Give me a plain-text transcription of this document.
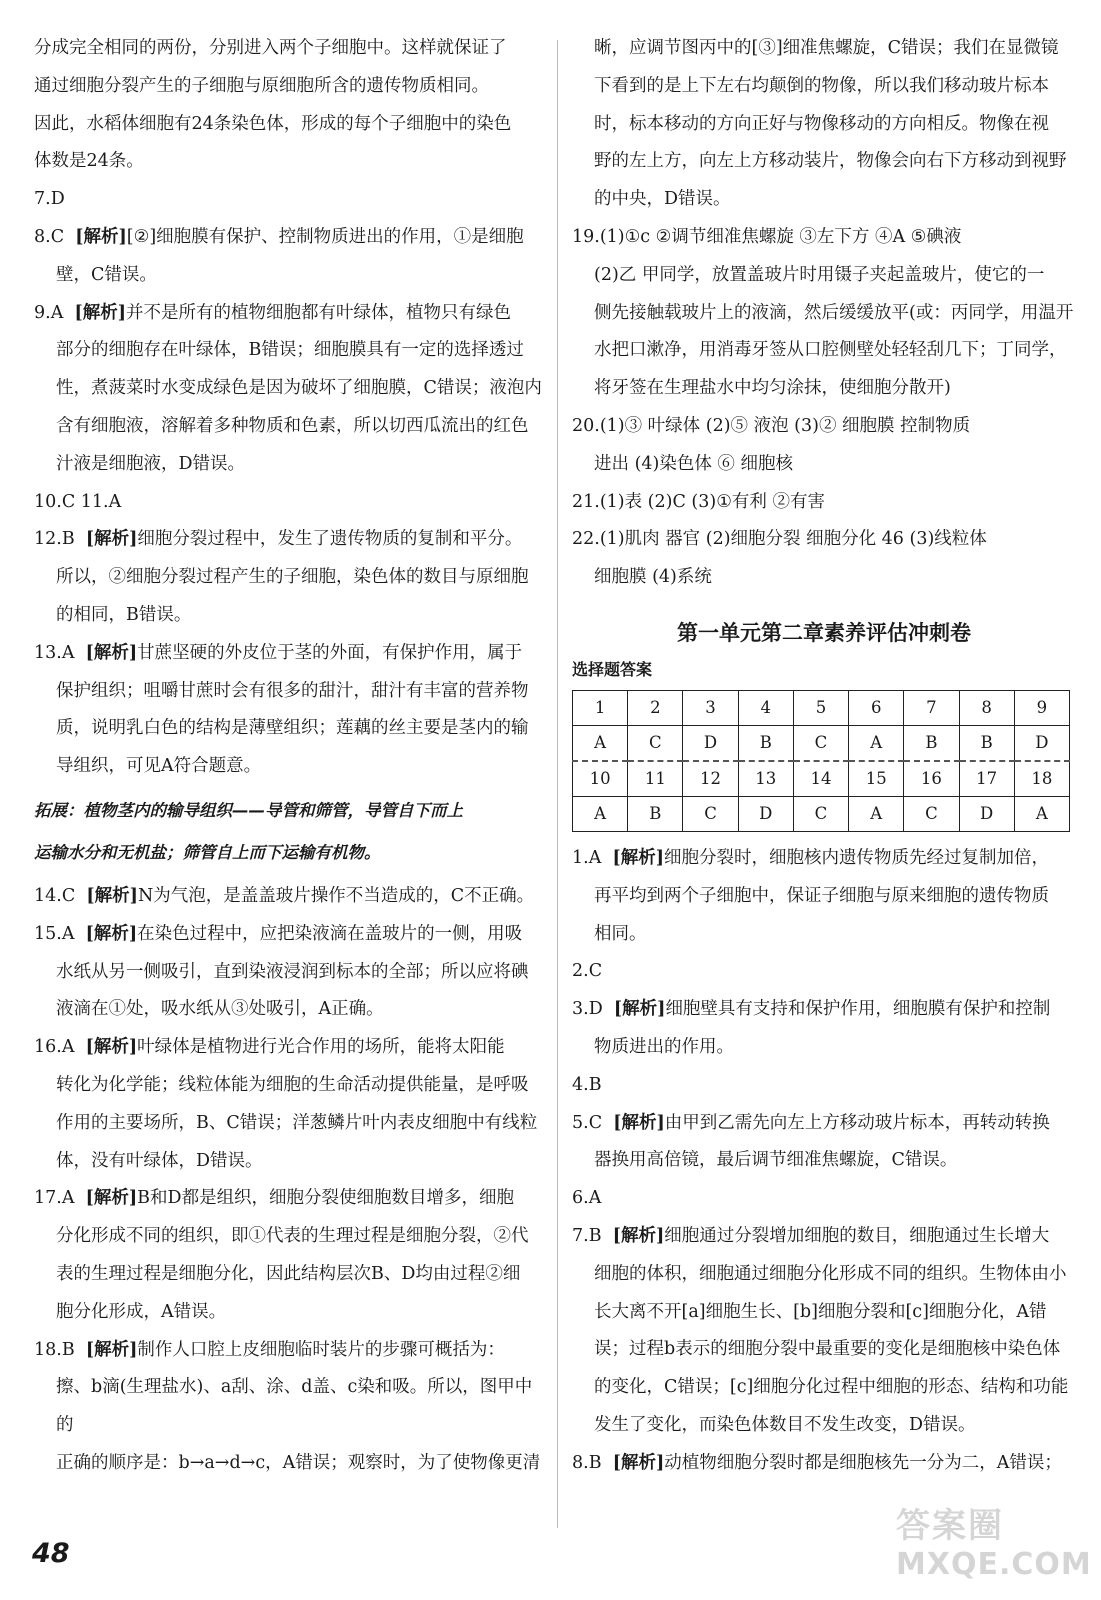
分成完全相同的两份，分别进入两个子细胞中。这样就保证了
通过细胞分裂产生的子细胞与原细胞所含的遗传物质相同。
因此，水稻体细胞有24条染色体，形成的每个子细胞中的染色
体数是24条。
7.D
8.C [解析][②]细胞膜有保护、控制物质进出的作用，①是细胞
壁，C错误。
9.A [解析]并不是所有的植物细胞都有叶绿体，植物只有绿色
部分的细胞存在叶绿体，B错误；细胞膜具有一定的选择透过
性，煮菠菜时水变成绿色是因为破坏了细胞膜，C错误；液泡内
含有细胞液，溶解着多种物质和色素，所以切西瓜流出的红色
汁液是细胞液，D错误。
10.C 11.A
12.B [解析]细胞分裂过程中，发生了遗传物质的复制和平分。
所以，②细胞分裂过程产生的子细胞，染色体的数目与原细胞
的相同，B错误。
13.A [解析]甘蔗坚硬的外皮位于茎的外面，有保护作用，属于
保护组织；咀嚼甘蔗时会有很多的甜汁，甜汁有丰富的营养物
质，说明乳白色的结构是薄壁组织；莲藕的丝主要是茎内的输
导组织，可见A符合题意。
拓展：植物茎内的输导组织——导管和筛管，导管自下而上
运输水分和无机盐；筛管自上而下运输有机物。
14.C [解析]N为气泡，是盖盖玻片操作不当造成的，C不正确。
15.A [解析]在染色过程中，应把染液滴在盖玻片的一侧，用吸
水纸从另一侧吸引，直到染液浸润到标本的全部；所以应将碘
液滴在①处，吸水纸从③处吸引，A正确。
16.A [解析]叶绿体是植物进行光合作用的场所，能将太阳能
转化为化学能；线粒体能为细胞的生命活动提供能量，是呼吸
作用的主要场所，B、C错误；洋葱鳞片叶内表皮细胞中有线粒
体，没有叶绿体，D错误。
17.A [解析]B和D都是组织，细胞分裂使细胞数目增多，细胞
分化形成不同的组织，即①代表的生理过程是细胞分裂，②代
表的生理过程是细胞分化，因此结构层次B、D均由过程②细
胞分化形成，A错误。
18.B [解析]制作人口腔上皮细胞临时装片的步骤可概括为：
擦、b滴(生理盐水)、a刮、涂、d盖、c染和吸。所以，图甲中的
正确的顺序是：b→a→d→c，A错误；观察时，为了使物像更清
晰，应调节图丙中的[③]细准焦螺旋，C错误；我们在显微镜
下看到的是上下左右均颠倒的物像，所以我们移动玻片标本
时，标本移动的方向正好与物像移动的方向相反。物像在视
野的左上方，向左上方移动装片，物像会向右下方移动到视野
的中央，D错误。
19.(1)①c ②调节细准焦螺旋 ③左下方 ④A ⑤碘液
(2)乙 甲同学，放置盖玻片时用镊子夹起盖玻片，使它的一
侧先接触载玻片上的液滴，然后缓缓放平(或：丙同学，用温开
水把口漱净，用消毒牙签从口腔侧壁处轻轻刮几下；丁同学，
将牙签在生理盐水中均匀涂抹，使细胞分散开)
20.(1)③ 叶绿体 (2)⑤ 液泡 (3)② 细胞膜 控制物质
进出 (4)染色体 ⑥ 细胞核
21.(1)表 (2)C (3)①有利 ②有害
22.(1)肌肉 器官 (2)细胞分裂 细胞分化 46 (3)线粒体
细胞膜 (4)系统
第一单元第二章素养评估冲刺卷
选择题答案
1	2	3	4	5	6	7	8	9
A	C	D	B	C	A	B	B	D
10	11	12	13	14	15	16	17	18
A	B	C	D	C	A	C	D	A
1.A [解析]细胞分裂时，细胞核内遗传物质先经过复制加倍，
再平均到两个子细胞中，保证子细胞与原来细胞的遗传物质
相同。
2.C
3.D [解析]细胞壁具有支持和保护作用，细胞膜有保护和控制
物质进出的作用。
4.B
5.C [解析]由甲到乙需先向左上方移动玻片标本，再转动转换
器换用高倍镜，最后调节细准焦螺旋，C错误。
6.A
7.B [解析]细胞通过分裂增加细胞的数目，细胞通过生长增大
细胞的体积，细胞通过细胞分化形成不同的组织。生物体由小
长大离不开[a]细胞生长、[b]细胞分裂和[c]细胞分化，A错
误；过程b表示的细胞分裂中最重要的变化是细胞核中染色体
的变化，C错误；[c]细胞分化过程中细胞的形态、结构和功能
发生了变化，而染色体数目不发生改变，D错误。
8.B [解析]动植物细胞分裂时都是细胞核先一分为二，A错误；
48
答案圈
MXQE.COM
